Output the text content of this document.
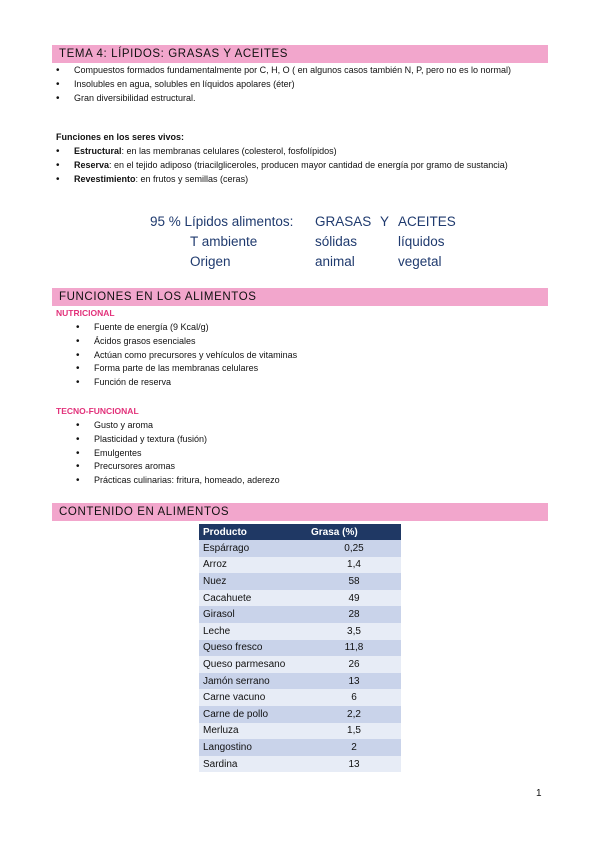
TEMA 4: LÍPIDOS: GRASAS Y ACEITES
• Compuestos formados fundamentalmente por C, H, O ( en algunos casos también N, P, pero no es lo normal)
• Insolubles en agua, solubles en líquidos apolares (éter)
• Gran diversibilidad estructural.
Funciones en los seres vivos:
• Estructural: en las membranas celulares (colesterol, fosfolípidos)
• Reserva: en el tejido adiposo (triacilgliceroles, producen mayor cantidad de energía por gramo de sustancia)
• Revestimiento: en frutos y semillas (ceras)
95 % Lípidos alimentos: GRASAS Y ACEITES
T ambiente	sólidas	líquidos
Origen	animal	vegetal
FUNCIONES EN LOS ALIMENTOS
NUTRICIONAL
• Fuente de energía (9 Kcal/g)
• Ácidos grasos esenciales
• Actúan como precursores y vehículos de vitaminas
• Forma parte de las membranas celulares
• Función de reserva
TECNO-FUNCIONAL
• Gusto y aroma
• Plasticidad y textura (fusión)
• Emulgentes
• Precursores aromas
• Prácticas culinarias: fritura, homeado, aderezo
CONTENIDO EN ALIMENTOS
Producto	Grasa (%)
Espárrago	0,25
Arroz	1,4
Nuez	58
Cacahuete	49
Girasol	28
Leche	3,5
Queso fresco	11,8
Queso parmesano	26
Jamón serrano	13
Carne vacuno	6
Carne de pollo	2,2
Merluza	1,5
Langostino	2
Sardina	13
1
